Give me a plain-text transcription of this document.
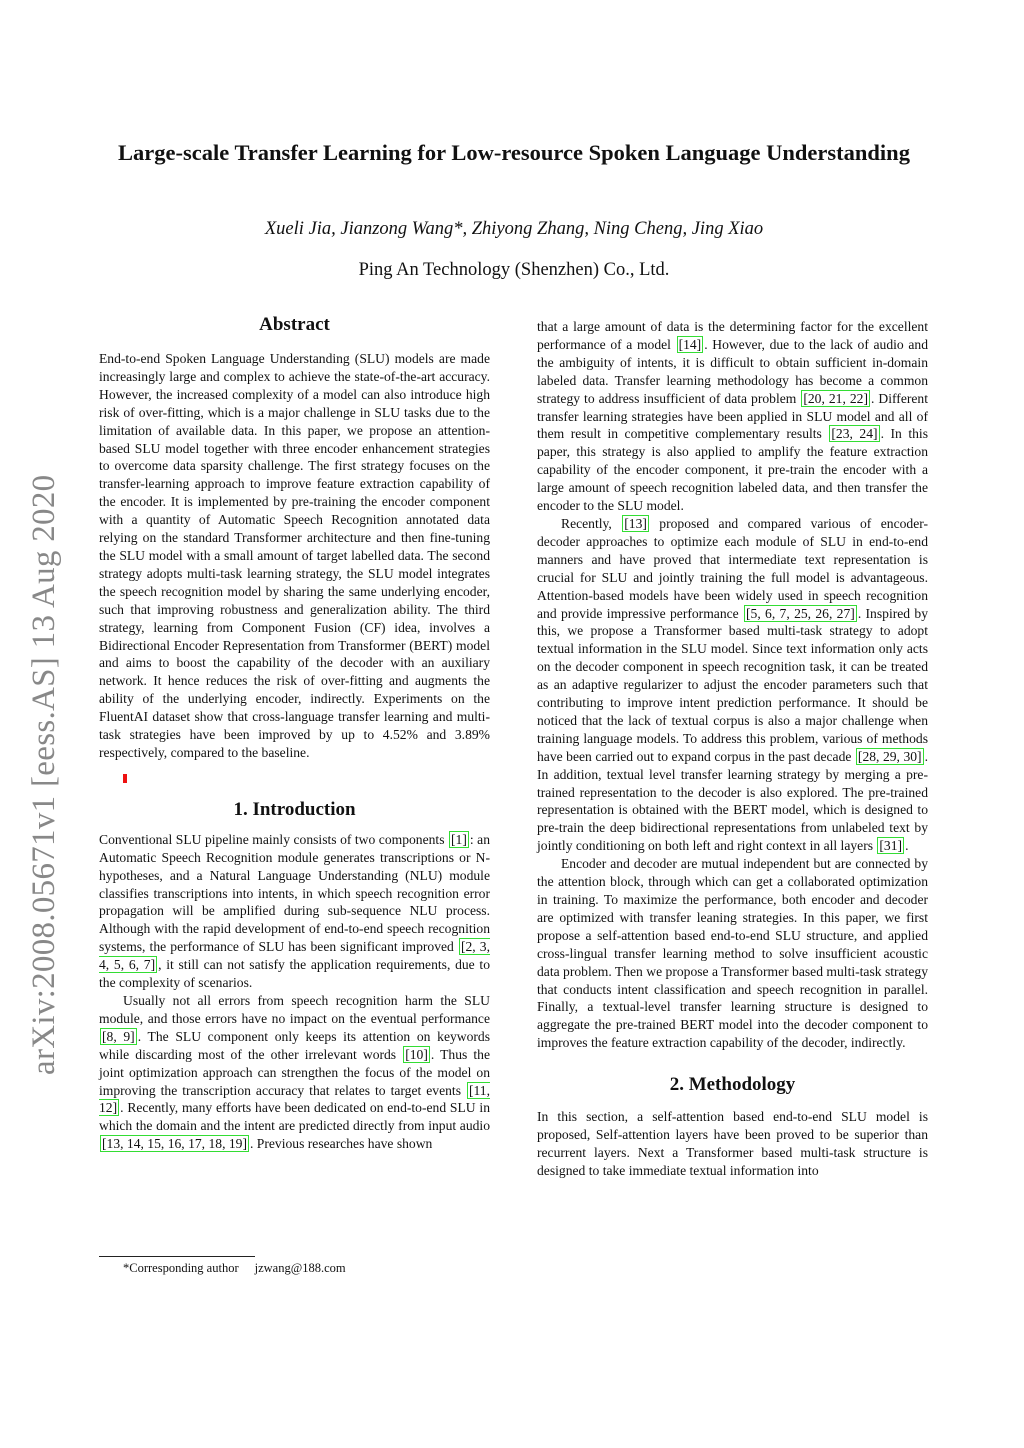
Large-scale Transfer Learning for Low-resource Spoken Language Understanding

Xueli Jia, Jianzong Wang*, Zhiyong Zhang, Ning Cheng, Jing Xiao

Ping An Technology (Shenzhen) Co., Ltd.

arXiv:2008.05671v1 [eess.AS] 13 Aug 2020
Abstract

End-to-end Spoken Language Understanding (SLU) models are made increasingly large and complex to achieve the state-of-the-art accuracy. However, the increased complexity of a model can also introduce high risk of over-fitting, which is a major challenge in SLU tasks due to the limitation of available data. In this paper, we propose an attention-based SLU model together with three encoder enhancement strategies to overcome data sparsity challenge. The first strategy focuses on the transfer-learning approach to improve feature extraction capability of the encoder. It is implemented by pre-training the encoder component with a quantity of Automatic Speech Recognition annotated data relying on the standard Transformer architecture and then fine-tuning the SLU model with a small amount of target labelled data. The second strategy adopts multi-task learning strategy, the SLU model integrates the speech recognition model by sharing the same underlying encoder, such that improving robustness and generalization ability. The third strategy, learning from Component Fusion (CF) idea, involves a Bidirectional Encoder Representation from Transformer (BERT) model and aims to boost the capability of the decoder with an auxiliary network. It hence reduces the risk of over-fitting and augments the ability of the underlying encoder, indirectly. Experiments on the FluentAI dataset show that cross-language transfer learning and multi-task strategies have been improved by up to 4.52% and 3.89% respectively, compared to the baseline.

1. Introduction

Conventional SLU pipeline mainly consists of two components [1] : an Automatic Speech Recognition module generates transcriptions or N-hypotheses, and a Natural Language Understanding (NLU) module classifies transcriptions into intents, in which speech recognition error propagation will be amplified during sub-sequence NLU process. Although with the rapid development of end-to-end speech recognition systems, the performance of SLU has been significant improved [2, 3, 4, 5, 6, 7] , it still can not satisfy the application requirements, due to the complexity of scenarios.

Usually not all errors from speech recognition harm the SLU module, and those errors have no impact on the eventual performance [8, 9] . The SLU component only keeps its attention on keywords while discarding most of the other irrelevant words [10] . Thus the joint optimization approach can strengthen the focus of the model on improving the transcription accuracy that relates to target events [11, 12] . Recently, many efforts have been dedicated on end-to-end SLU in which the domain and the intent are predicted directly from input audio [13, 14, 15, 16, 17, 18, 19] . Previous researches have shown

*Corresponding author jzwang@188.com

that a large amount of data is the determining factor for the excellent performance of a model [14] . However, due to the lack of audio and the ambiguity of intents, it is difficult to obtain sufficient in-domain labeled data. Transfer learning methodology has become a common strategy to address insufficient of data problem [20, 21, 22] . Different transfer learning strategies have been applied in SLU model and all of them result in competitive complementary results [23, 24] . In this paper, this strategy is also applied to amplify the feature extraction capability of the encoder component, it pre-train the encoder with a large amount of speech recognition labeled data, and then transfer the encoder to the SLU model.

Recently, [13] proposed and compared various of encoder-decoder approaches to optimize each module of SLU in end-to-end manners and have proved that intermediate text representation is crucial for SLU and jointly training the full model is advantageous. Attention-based models have been widely used in speech recognition and provide impressive performance [5, 6, 7, 25, 26, 27] . Inspired by this, we propose a Transformer based multi-task strategy to adopt textual information in the SLU model. Since text information only acts on the decoder component in speech recognition task, it can be treated as an adaptive regularizer to adjust the encoder parameters such that contributing to improve intent prediction performance. It should be noticed that the lack of textual corpus is also a major challenge when training language models. To address this problem, various of methods have been carried out to expand corpus in the past decade [28, 29, 30] . In addition, textual level transfer learning strategy by merging a pre-trained representation to the decoder is also explored. The pre-trained representation is obtained with the BERT model, which is designed to pre-train the deep bidirectional representations from unlabeled text by jointly conditioning on both left and right context in all layers [31] .

Encoder and decoder are mutual independent but are connected by the attention block, through which can get a collaborated optimization in training. To maximize the performance, both encoder and decoder are optimized with transfer leaning strategies. In this paper, we first propose a self-attention based end-to-end SLU structure, and applied cross-lingual transfer learning method to solve insufficient acoustic data problem. Then we propose a Transformer based multi-task strategy that conducts intent classification and speech recognition in parallel. Finally, a textual-level transfer learning structure is designed to aggregate the pre-trained BERT model into the decoder component to improves the feature extraction capability of the decoder, indirectly.

2. Methodology

In this section, a self-attention based end-to-end SLU model is proposed, Self-attention layers have been proved to be superior than recurrent layers. Next a Transformer based multi-task structure is designed to take immediate textual information into
